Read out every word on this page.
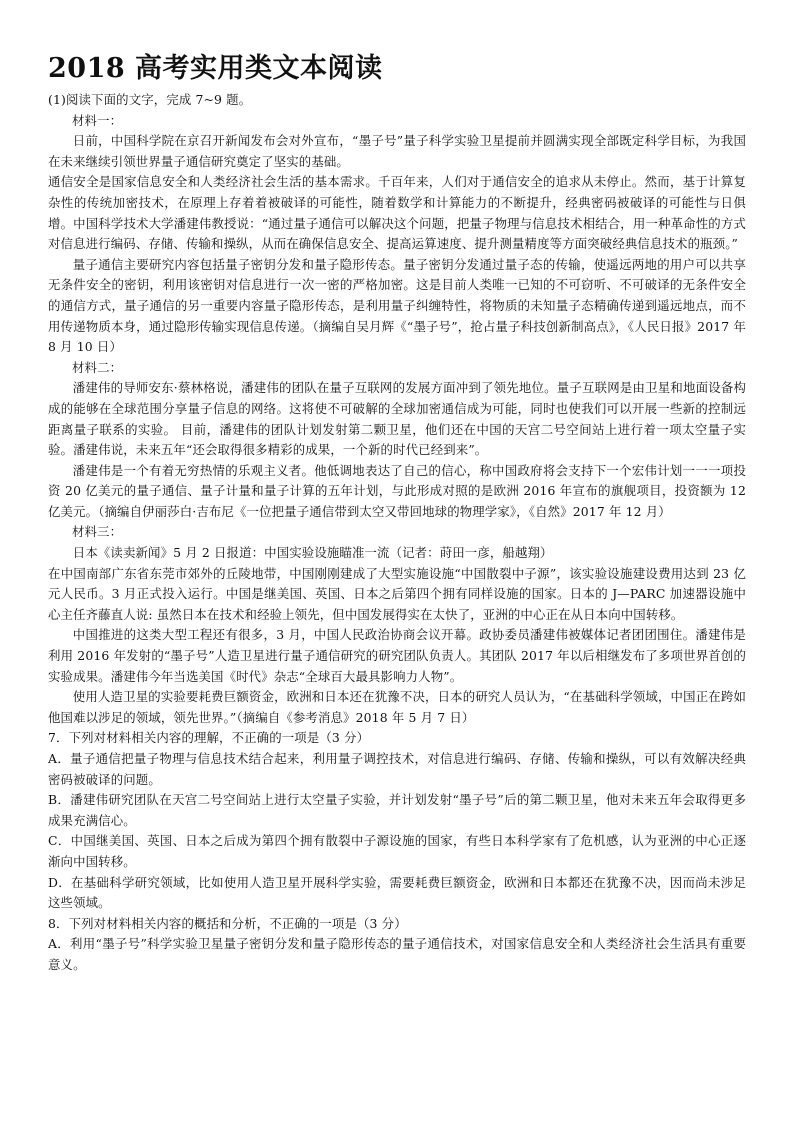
2018 高考实用类文本阅读

(1)阅读下面的文字，完成 7~9 题。

材料一：

日前，中国科学院在京召开新闻发布会对外宣布，“墨子号”量子科学实验卫星提前并圆满实现全部既定科学目标，为我国在未来继续引领世界量子通信研究奠定了坚实的基础。

通信安全是国家信息安全和人类经济社会生活的基本需求。千百年来，人们对于通信安全的追求从未停止。然而，基于计算复杂性的传统加密技术，在原理上存着着被破译的可能性，随着数学和计算能力的不断提升，经典密码被破译的可能性与日俱增。中国科学技术大学潘建伟教授说：“通过量子通信可以解决这个问题，把量子物理与信息技术相结合，用一种革命性的方式对信息进行编码、存储、传输和操纵，从而在确保信息安全、提高运算速度、提升测量精度等方面突破经典信息技术的瓶颈。”

量子通信主要研究内容包括量子密钥分发和量子隐形传态。量子密钥分发通过量子态的传输，使遥远两地的用户可以共享无条件安全的密钥，利用该密钥对信息进行一次一密的严格加密。这是目前人类唯一已知的不可窃听、不可破译的无条件安全的通信方式，量子通信的另一重要内容量子隐形传态，是利用量子纠缠特性，将物质的未知量子态精确传递到遥远地点，而不用传递物质本身，通过隐形传输实现信息传递。（摘编自吴月辉《“墨子号”，抢占量子科技创新制高点》，《人民日报》2017 年 8 月 10 日）

材料二：

潘建伟的导师安东·蔡林格说，潘建伟的团队在量子互联网的发展方面冲到了领先地位。量子互联网是由卫星和地面设备构成的能够在全球范围分享量子信息的网络。这将使不可破解的全球加密通信成为可能，同时也使我们可以开展一些新的控制远距离量子联系的实验。 目前，潘建伟的团队计划发射第二颗卫星，他们还在中国的天宫二号空间站上进行着一项太空量子实验。潘建伟说，未来五年“还会取得很多精彩的成果，一个新的时代已经到来”。

潘建伟是一个有着无穷热情的乐观主义者。他低调地表达了自己的信心，称中国政府将会支持下一个宏伟计划一一一项投资 20 亿美元的量子通信、量子计量和量子计算的五年计划，与此形成对照的是欧洲 2016 年宣布的旗舰项目，投资额为 12 亿美元。（摘编自伊丽莎白·吉布尼《一位把量子通信带到太空又带回地球的物理学家》，《自然》2017 年 12 月）

材料三：

日本《读卖新闻》5 月 2 日报道：中国实验设施瞄准一流（记者：莳田一彦，船越翔）

在中国南部广东省东莞市郊外的丘陵地带，中国刚刚建成了大型实施设施“中国散裂中子源”，该实验设施建设费用达到 23 亿元人民币。3 月正式投入运行。中国是继美国、英国、日本之后第四个拥有同样设施的国家。日本的 J—PARC 加速器设施中心主任齐藤直人说: 虽然日本在技术和经验上领先，但中国发展得实在太快了，亚洲的中心正在从日本向中国转移。

中国推进的这类大型工程还有很多，3 月，中国人民政治协商会议开幕。政协委员潘建伟被媒体记者团团围住。潘建伟是利用 2016 年发射的“墨子号”人造卫星进行量子通信研究的研究团队负责人。其团队 2017 年以后相继发布了多项世界首创的实验成果。潘建伟今年当选美国《时代》杂志“全球百大最具影响力人物”。

使用人造卫星的实验要耗费巨额资金，欧洲和日本还在犹豫不决，日本的研究人员认为，“在基础科学领域，中国正在跨如他国难以涉足的领域，领先世界。”（摘编自《参考消息》2018 年 5 月 7 日）

7．下列对材料相关内容的理解，不正确的一项是（3 分）

A．量子通信把量子物理与信息技术结合起来，利用量子调控技术，对信息进行编码、存储、传输和操纵，可以有效解决经典密码被破译的问题。

B．潘建伟研究团队在天宫二号空间站上进行太空量子实验，并计划发射“墨子号”后的第二颗卫星，他对未来五年会取得更多成果充满信心。

C．中国继美国、英国、日本之后成为第四个拥有散裂中子源设施的国家，有些日本科学家有了危机感，认为亚洲的中心正逐渐向中国转移。

D．在基础科学研究领域，比如使用人造卫星开展科学实验，需要耗费巨额资金，欧洲和日本都还在犹豫不决，因而尚未涉足这些领域。

8．下列对材料相关内容的概括和分析，不正确的一项是（3 分）

A．利用“墨子号”科学实验卫星量子密钥分发和量子隐形传态的量子通信技术，对国家信息安全和人类经济社会生活具有重要意义。
